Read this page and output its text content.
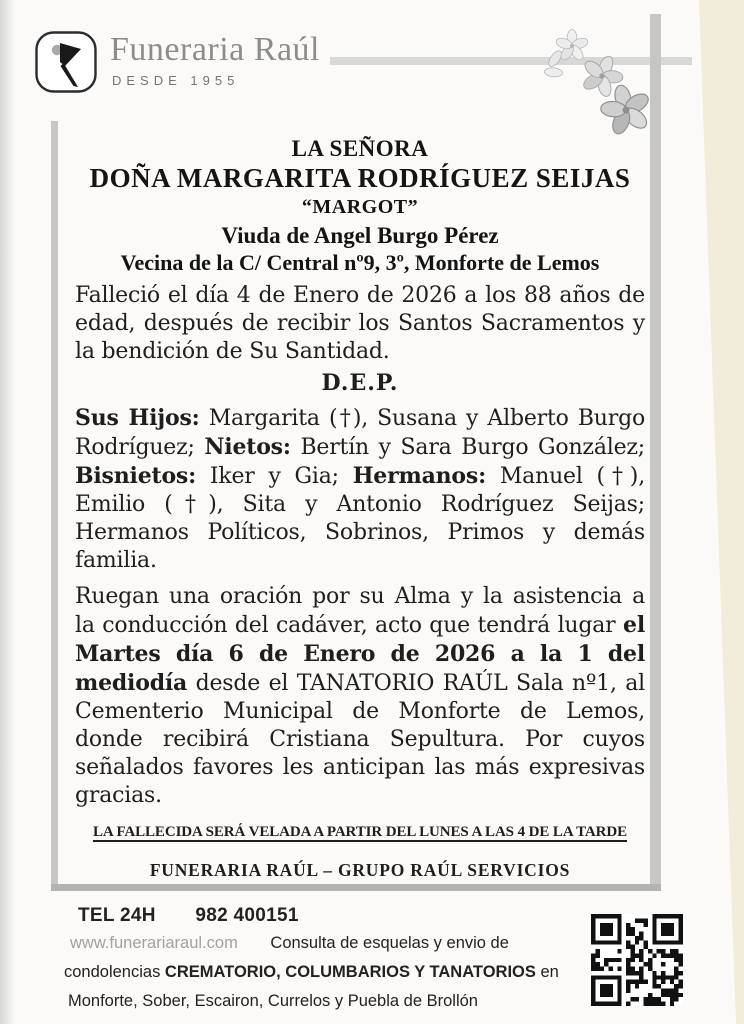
Funeraria Raúl
DESDE 1955
LA SEÑORA
DOÑA MARGARITA RODRÍGUEZ SEIJAS
“MARGOT”
Viuda de Angel Burgo Pérez
Vecina de la C/ Central nº9, 3º, Monforte de Lemos
Falleció el día 4 de Enero de 2026 a los 88 años de
edad, después de recibir los Santos Sacramentos y
la bendición de Su Santidad.
D.E.P.
Sus Hijos: Margarita (†), Susana y Alberto Burgo
Rodríguez; Nietos: Bertín y Sara Burgo González;
Bisnietos: Iker y Gia; Hermanos: Manuel (†),
Emilio (†), Sita y Antonio Rodríguez Seijas;
Hermanos Políticos, Sobrinos, Primos y demás
familia.
Ruegan una oración por su Alma y la asistencia a
la conducción del cadáver, acto que tendrá lugar el
Martes día 6 de Enero de 2026 a la 1 del
mediodía desde el TANATORIO RAÚL Sala nº1, al
Cementerio Municipal de Monforte de Lemos,
donde recibirá Cristiana Sepultura. Por cuyos
señalados favores les anticipan las más expresivas
gracias.
LA FALLECIDA SERÁ VELADA A PARTIR DEL LUNES A LAS 4 DE LA TARDE
FUNERARIA RAÚL – GRUPO RAÚL SERVICIOS
TEL 24H 982 400151
www.funerariaraul.com Consulta de esquelas y envio de
condolencias CREMATORIO, COLUMBARIOS Y TANATORIOS en
Monforte, Sober, Escairon, Currelos y Puebla de Brollón
